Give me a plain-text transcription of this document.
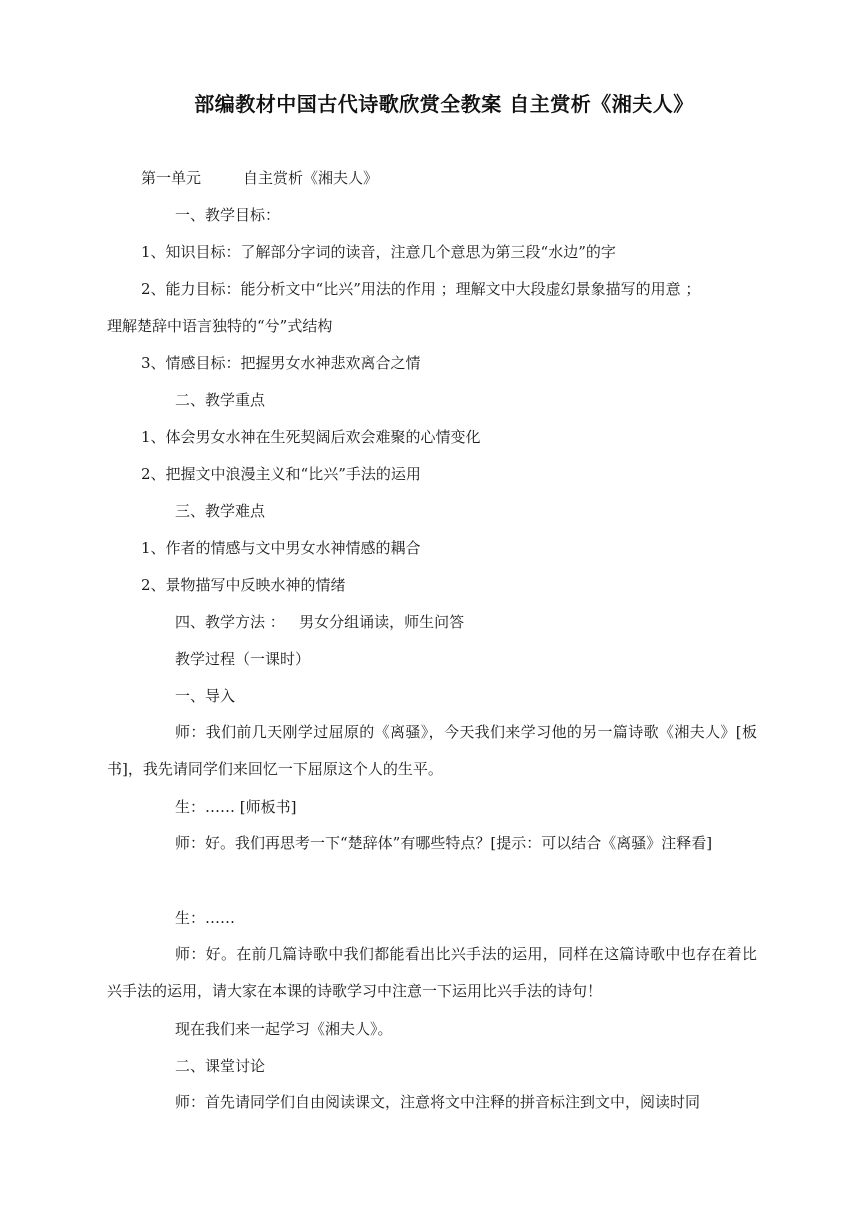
部编教材中国古代诗歌欣赏全教案 自主赏析《湘夫人》
第一单元	自主赏析《湘夫人》
一、教学目标：
1、知识目标：了解部分字词的读音，注意几个意思为第三段“水边”的字
2、能力目标：能分析文中“比兴”用法的作用 ；理解文中大段虚幻景象描写的用意 ；
理解楚辞中语言独特的“兮”式结构
3、情感目标：把握男女水神悲欢离合之情
二、教学重点
1、体会男女水神在生死契阔后欢会难聚的心情变化
2、把握文中浪漫主义和“比兴”手法的运用
三、教学难点
1、作者的情感与文中男女水神情感的耦合
2、景物描写中反映水神的情绪
四、教学方法 ： 男女分组诵读，师生问答
教学过程（一课时）
一、导入
师：我们前几天刚学过屈原的《离骚》，今天我们来学习他的另一篇诗歌《湘夫人》[板书]，我先请同学们来回忆一下屈原这个人的生平。
生：…… [师板书]
师：好。我们再思考一下“楚辞体”有哪些特点？[提示：可以结合《离骚》注释看]
生：……
师：好。在前几篇诗歌中我们都能看出比兴手法的运用，同样在这篇诗歌中也存在着比兴手法的运用，请大家在本课的诗歌学习中注意一下运用比兴手法的诗句！
现在我们来一起学习《湘夫人》。
二、课堂讨论
师：首先请同学们自由阅读课文，注意将文中注释的拼音标注到文中，阅读时同
